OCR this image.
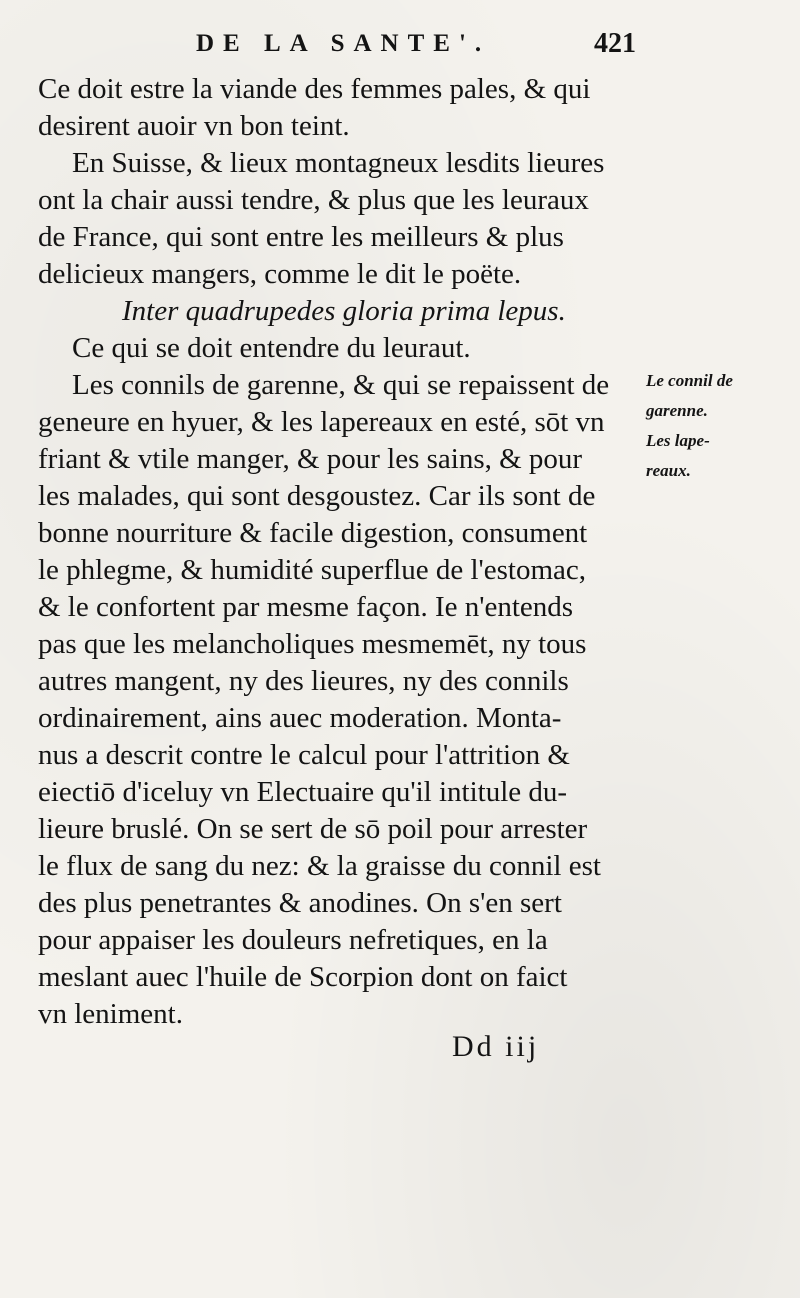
DE LA SANTE'.	421
Ce doit estre la viande des femmes pales, & qui
desirent auoir vn bon teint.
En Suisse, & lieux montagneux lesdits lieures
ont la chair aussi tendre, & plus que les leuraux
de France, qui sont entre les meilleurs & plus
delicieux mangers, comme le dit le poëte.
Inter quadrupedes gloria prima lepus.
Ce qui se doit entendre du leuraut.
Les connils de garenne, & qui se repaissent de
geneure en hyuer, & les lapereaux en esté, sōt vn
friant & vtile manger, & pour les sains, & pour
les malades, qui sont desgoustez. Car ils sont de
bonne nourriture & facile digestion, consument
le phlegme, & humidité superflue de l'estomac,
& le confortent par mesme façon. Ie n'entends
pas que les melancholiques mesmemēt, ny tous
autres mangent, ny des lieures, ny des connils
ordinairement, ains auec moderation. Monta-
nus a descrit contre le calcul pour l'attrition &
eiectiō d'iceluy vn Electuaire qu'il intitule du-
lieure bruslé. On se sert de sō poil pour arrester
le flux de sang du nez: & la graisse du connil est
des plus penetrantes & anodines. On s'en sert
pour appaiser les douleurs nefretiques, en la
meslant auec l'huile de Scorpion dont on faict
vn leniment.
Le connil de
garenne.
Les lape-
reaux.
Dd iij
